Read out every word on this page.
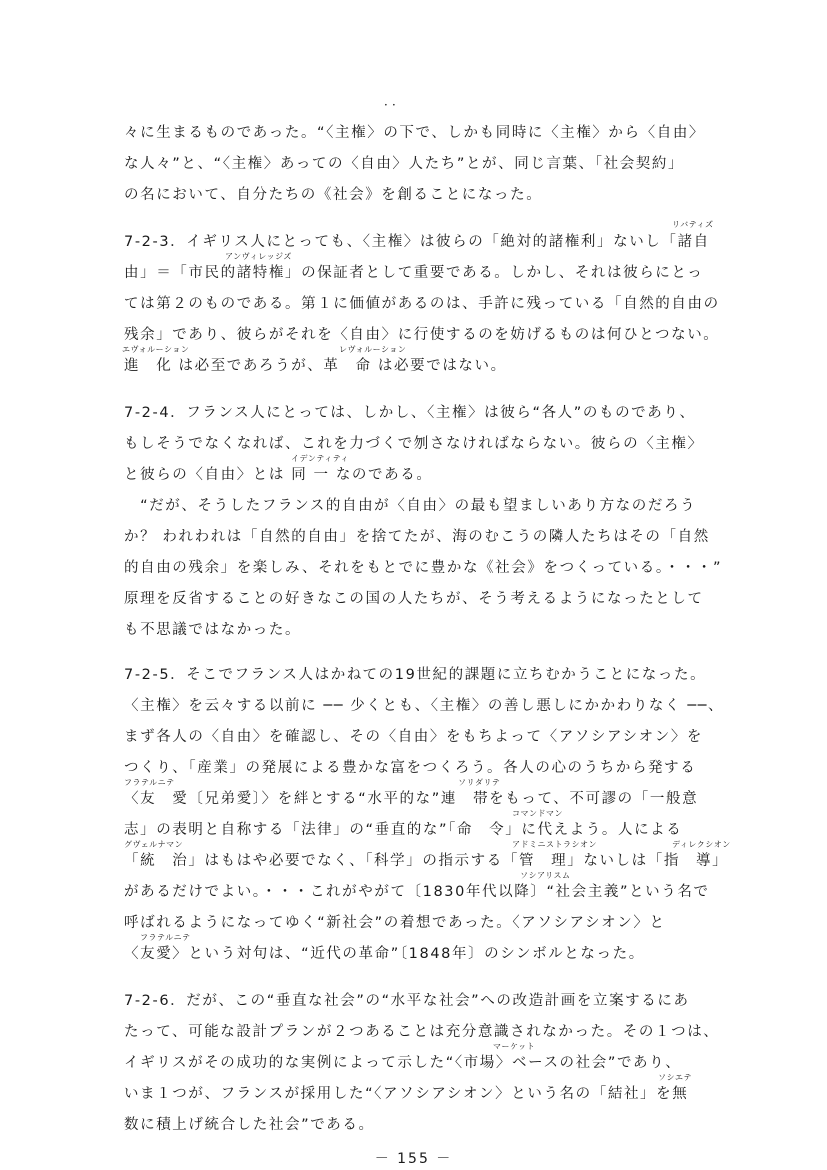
．．
々に生まるものであった。“〈主権〉の下で、しかも同時に〈主権〉から〈自由〉
な人々”と、“〈主権〉あっての〈自由〉人たち”とが、同じ言葉、「社会契約」
の名において、自分たちの《社会》を創ることになった。
リバティズ
7-2-3．イギリス人にとっても、〈主権〉は彼らの「絶対的諸権利」ないし「諸自
アンヴィレッジズ
由」＝「市民的諸特権」の保証者として重要である。しかし、それは彼らにとっ
ては第２のものである。第１に価値があるのは、手許に残っている「自然的自由の
残余」であり、彼らがそれを〈自由〉に行使するのを妨げるものは何ひとつない。
エヴォルーション	レヴォルーション
進　化 は必至であろうが、革　命 は必要ではない。
7-2-4．フランス人にとっては、しかし、〈主権〉は彼ら“各人”のものであり、
もしそうでなくなれば、これを力づくで刎さなければならない。彼らの〈主権〉
イデンティティ
と彼らの〈自由〉とは 同 一 なのである。
　“だが、そうしたフランス的自由が〈自由〉の最も望ましいあり方なのだろう
か？ われわれは「自然的自由」を捨てたが、海のむこうの隣人たちはその「自然
的自由の残余」を楽しみ、それをもとでに豊かな《社会》をつくっている。・・・”
原理を反省することの好きなこの国の人たちが、そう考えるようになったとして
も不思議ではなかった。
7-2-5．そこでフランス人はかねての19世紀的課題に立ちむかうことになった。
〈主権〉を云々する以前に ── 少くとも、〈主権〉の善し悪しにかかわりなく ──、
まず各人の〈自由〉を確認し、その〈自由〉をもちよって〈アソシアシオン〉を
つくり、「産業」の発展による豊かな富をつくろう。各人の心のうちから発する
フラテルニテ	ソリダリテ
〈友　愛〔兄弟愛〕〉を絆とする“水平的な”連　帯をもって、不可謬の「一般意
コマンドマン
志」の表明と自称する「法律」の“垂直的な”「命　令」に代えよう。人による
グヴェルナマン	アドミニストラシオン	ディレクシオン
「統　治」はもはや必要でなく、「科学」の指示する「管　理」ないしは「指　導」
ソシアリスム
があるだけでよい。・・・これがやがて〔1830年代以降〕“社会主義”という名で
呼ばれるようになってゆく“新社会”の着想であった。〈アソシアシオン〉と
フラテルニテ
〈友愛〉という対句は、“近代の革命”〔1848年〕のシンボルとなった。
7-2-6．だが、この“垂直な社会”の“水平な社会”への改造計画を立案するにあ
たって、可能な設計プランが２つあることは充分意識されなかった。その１つは、
マーケット
イギリスがその成功的な実例によって示した“〈市場〉ベースの社会”であり、
ソシエテ
いま１つが、フランスが採用した“〈アソシアシオン〉という名の「結社」を無
数に積上げ統合した社会”である。
－ 155 －
